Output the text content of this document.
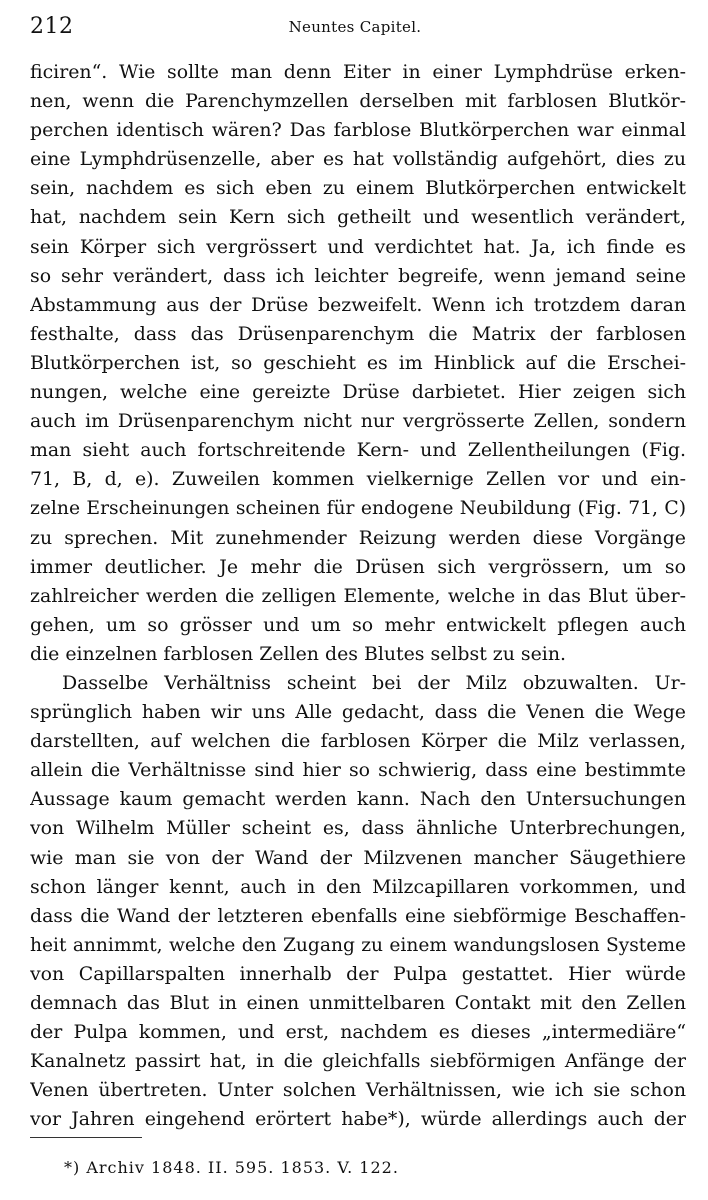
212	Neuntes Capitel.
ficiren“. Wie sollte man denn Eiter in einer Lymphdrüse erken-
nen, wenn die Parenchymzellen derselben mit farblosen Blutkör-
perchen identisch wären? Das farblose Blutkörperchen war einmal
eine Lymphdrüsenzelle, aber es hat vollständig aufgehört, dies zu
sein, nachdem es sich eben zu einem Blutkörperchen entwickelt
hat, nachdem sein Kern sich getheilt und wesentlich verändert,
sein Körper sich vergrössert und verdichtet hat. Ja, ich finde es
so sehr verändert, dass ich leichter begreife, wenn jemand seine
Abstammung aus der Drüse bezweifelt. Wenn ich trotzdem daran
festhalte, dass das Drüsenparenchym die Matrix der farblosen
Blutkörperchen ist, so geschieht es im Hinblick auf die Erschei-
nungen, welche eine gereizte Drüse darbietet. Hier zeigen sich
auch im Drüsenparenchym nicht nur vergrösserte Zellen, sondern
man sieht auch fortschreitende Kern- und Zellentheilungen (Fig.
71, B, d, e). Zuweilen kommen vielkernige Zellen vor und ein-
zelne Erscheinungen scheinen für endogene Neubildung (Fig. 71, C)
zu sprechen. Mit zunehmender Reizung werden diese Vorgänge
immer deutlicher. Je mehr die Drüsen sich vergrössern, um so
zahlreicher werden die zelligen Elemente, welche in das Blut über-
gehen, um so grösser und um so mehr entwickelt pflegen auch
die einzelnen farblosen Zellen des Blutes selbst zu sein.
Dasselbe Verhältniss scheint bei der Milz obzuwalten. Ur-
sprünglich haben wir uns Alle gedacht, dass die Venen die Wege
darstellten, auf welchen die farblosen Körper die Milz verlassen,
allein die Verhältnisse sind hier so schwierig, dass eine bestimmte
Aussage kaum gemacht werden kann. Nach den Untersuchungen
von Wilhelm Müller scheint es, dass ähnliche Unterbrechungen,
wie man sie von der Wand der Milzvenen mancher Säugethiere
schon länger kennt, auch in den Milzcapillaren vorkommen, und
dass die Wand der letzteren ebenfalls eine siebförmige Beschaffen-
heit annimmt, welche den Zugang zu einem wandungslosen Systeme
von Capillarspalten innerhalb der Pulpa gestattet. Hier würde
demnach das Blut in einen unmittelbaren Contakt mit den Zellen
der Pulpa kommen, und erst, nachdem es dieses „intermediäre“
Kanalnetz passirt hat, in die gleichfalls siebförmigen Anfänge der
Venen übertreten. Unter solchen Verhältnissen, wie ich sie schon
vor Jahren eingehend erörtert habe*), würde allerdings auch der
*) Archiv 1848. II. 595. 1853. V. 122.
